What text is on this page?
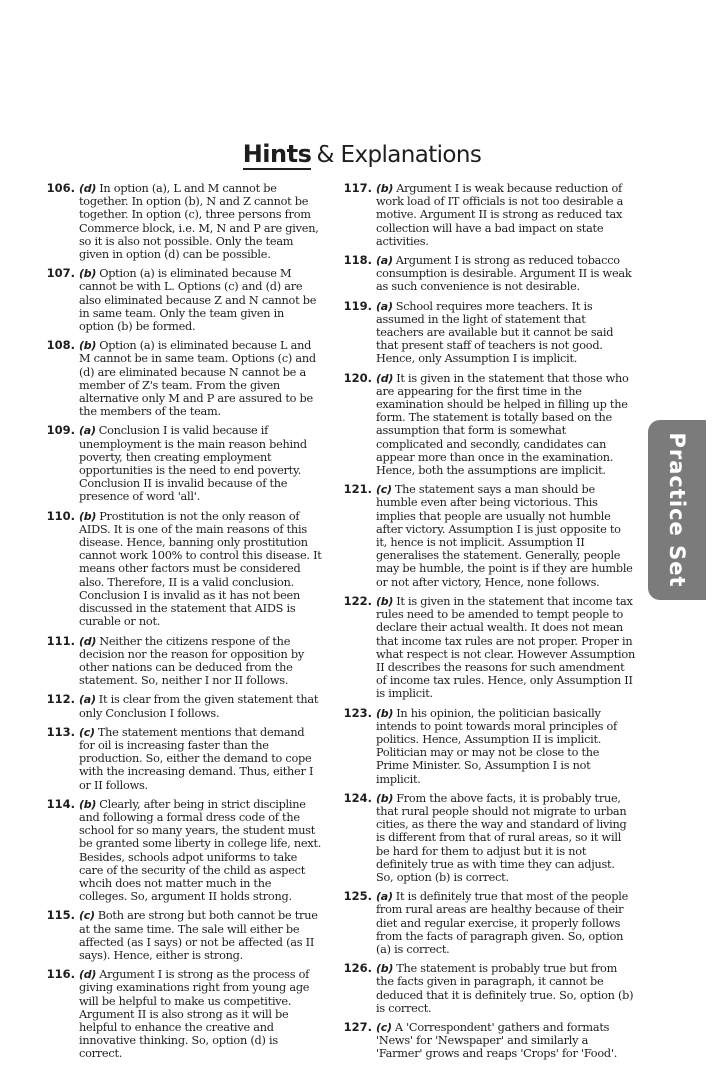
Hints & Explanations
106. (d) In option (a), L and M cannot be together. In option (b), N and Z cannot be together. In option (c), three persons from Commerce block, i.e. M, N and P are given, so it is also not possible. Only the team given in option (d) can be possible.
107. (b) Option (a) is eliminated because M cannot be with L. Options (c) and (d) are also eliminated because Z and N cannot be in same team. Only the team given in option (b) be formed.
108. (b) Option (a) is eliminated because L and M cannot be in same team. Options (c) and (d) are eliminated because N cannot be a member of Z's team. From the given alternative only M and P are assured to be the members of the team.
109. (a) Conclusion I is valid because if unemployment is the main reason behind poverty, then creating employment opportunities is the need to end poverty. Conclusion II is invalid because of the presence of word 'all'.
110. (b) Prostitution is not the only reason of AIDS. It is one of the main reasons of this disease. Hence, banning only prostitution cannot work 100% to control this disease. It means other factors must be considered also. Therefore, II is a valid conclusion. Conclusion I is invalid as it has not been discussed in the statement that AIDS is curable or not.
111. (d) Neither the citizens respone of the decision nor the reason for opposition by other nations can be deduced from the statement. So, neither I nor II follows.
112. (a) It is clear from the given statement that only Conclusion I follows.
113. (c) The statement mentions that demand for oil is increasing faster than the production. So, either the demand to cope with the increasing demand. Thus, either I or II follows.
114. (b) Clearly, after being in strict discipline and following a formal dress code of the school for so many years, the student must be granted some liberty in college life, next. Besides, schools adpot uniforms to take care of the security of the child as aspect whcih does not matter much in the colleges. So, argument II holds strong.
115. (c) Both are strong but both cannot be true at the same time. The sale will either be affected (as I says) or not be affected (as II says). Hence, either is strong.
116. (d) Argument I is strong as the process of giving examinations right from young age will be helpful to make us competitive. Argument II is also strong as it will be helpful to enhance the creative and innovative thinking. So, option (d) is correct.
117. (b) Argument I is weak because reduction of work load of IT officials is not too desirable a motive. Argument II is strong as reduced tax collection will have a bad impact on state activities.
118. (a) Argument I is strong as reduced tobacco consumption is desirable. Argument II is weak as such convenience is not desirable.
119. (a) School requires more teachers. It is assumed in the light of statement that teachers are available but it cannot be said that present staff of teachers is not good. Hence, only Assumption I is implicit.
120. (d) It is given in the statement that those who are appearing for the first time in the examination should be helped in filling up the form. The statement is totally based on the assumption that form is somewhat complicated and secondly, candidates can appear more than once in the examination. Hence, both the assumptions are implicit.
121. (c) The statement says a man should be humble even after being victorious. This implies that people are usually not humble after victory. Assumption I is just opposite to it, hence is not implicit. Assumption II generalises the statement. Generally, people may be humble, the point is if they are humble or not after victory, Hence, none follows.
122. (b) It is given in the statement that income tax rules need to be amended to tempt people to declare their actual wealth. It does not mean that income tax rules are not proper. Proper in what respect is not clear. However Assumption II describes the reasons for such amendment of income tax rules. Hence, only Assumption II is implicit.
123. (b) In his opinion, the politician basically intends to point towards moral principles of politics. Hence, Assumption II is implicit. Politician may or may not be close to the Prime Minister. So, Assumption I is not implicit.
124. (b) From the above facts, it is probably true, that rural people should not migrate to urban cities, as there the way and standard of living is different from that of rural areas, so it will be hard for them to adjust but it is not definitely true as with time they can adjust. So, option (b) is correct.
125. (a) It is definitely true that most of the people from rural areas are healthy because of their diet and regular exercise, it properly follows from the facts of paragraph given. So, option (a) is correct.
126. (b) The statement is probably true but from the facts given in paragraph, it cannot be deduced that it is definitely true. So, option (b) is correct.
127. (c) A 'Correspondent' gathers and formats 'News' for 'Newspaper' and similarly a 'Farmer' grows and reaps 'Crops' for 'Food'.
Practice Set
